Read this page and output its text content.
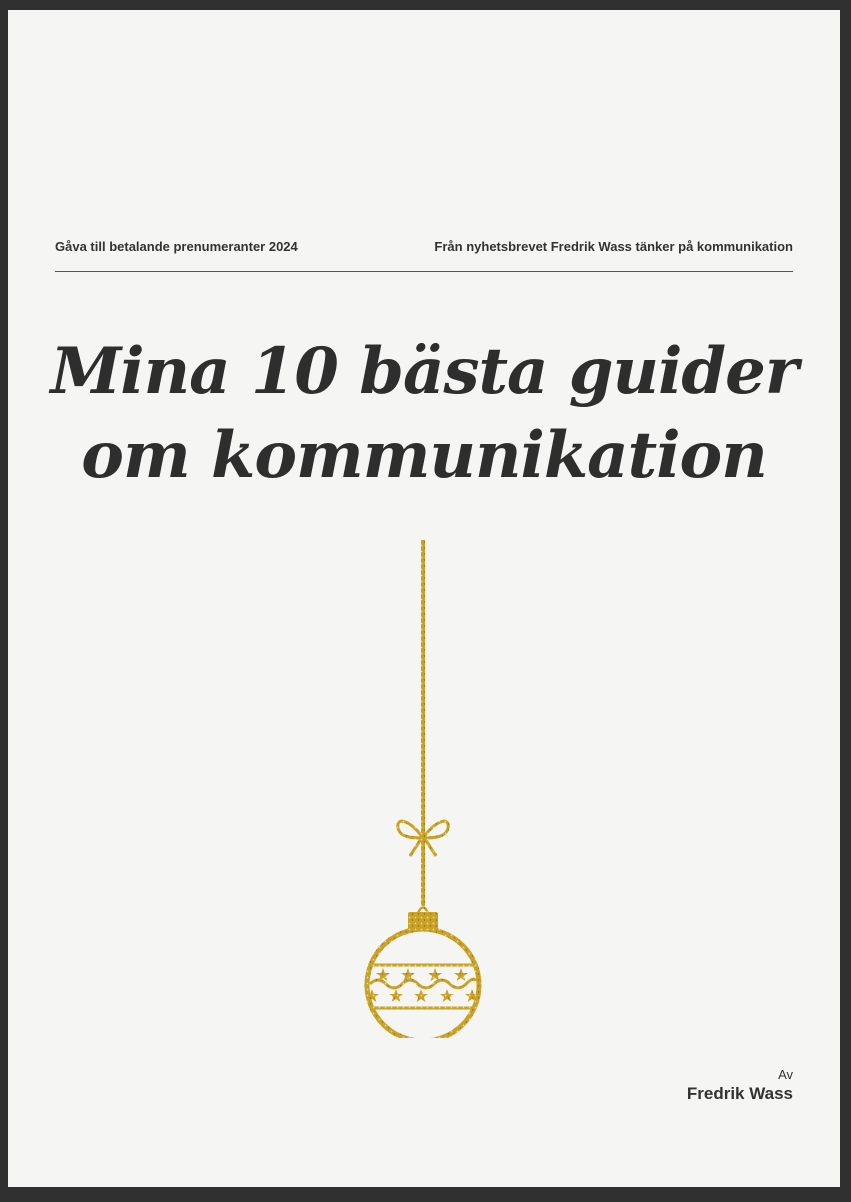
Gåva till betalande prenumeranter 2024	Från nyhetsbrevet Fredrik Wass tänker på kommunikation
Mina 10 bästa guider
om kommunikation
Av
Fredrik Wass
